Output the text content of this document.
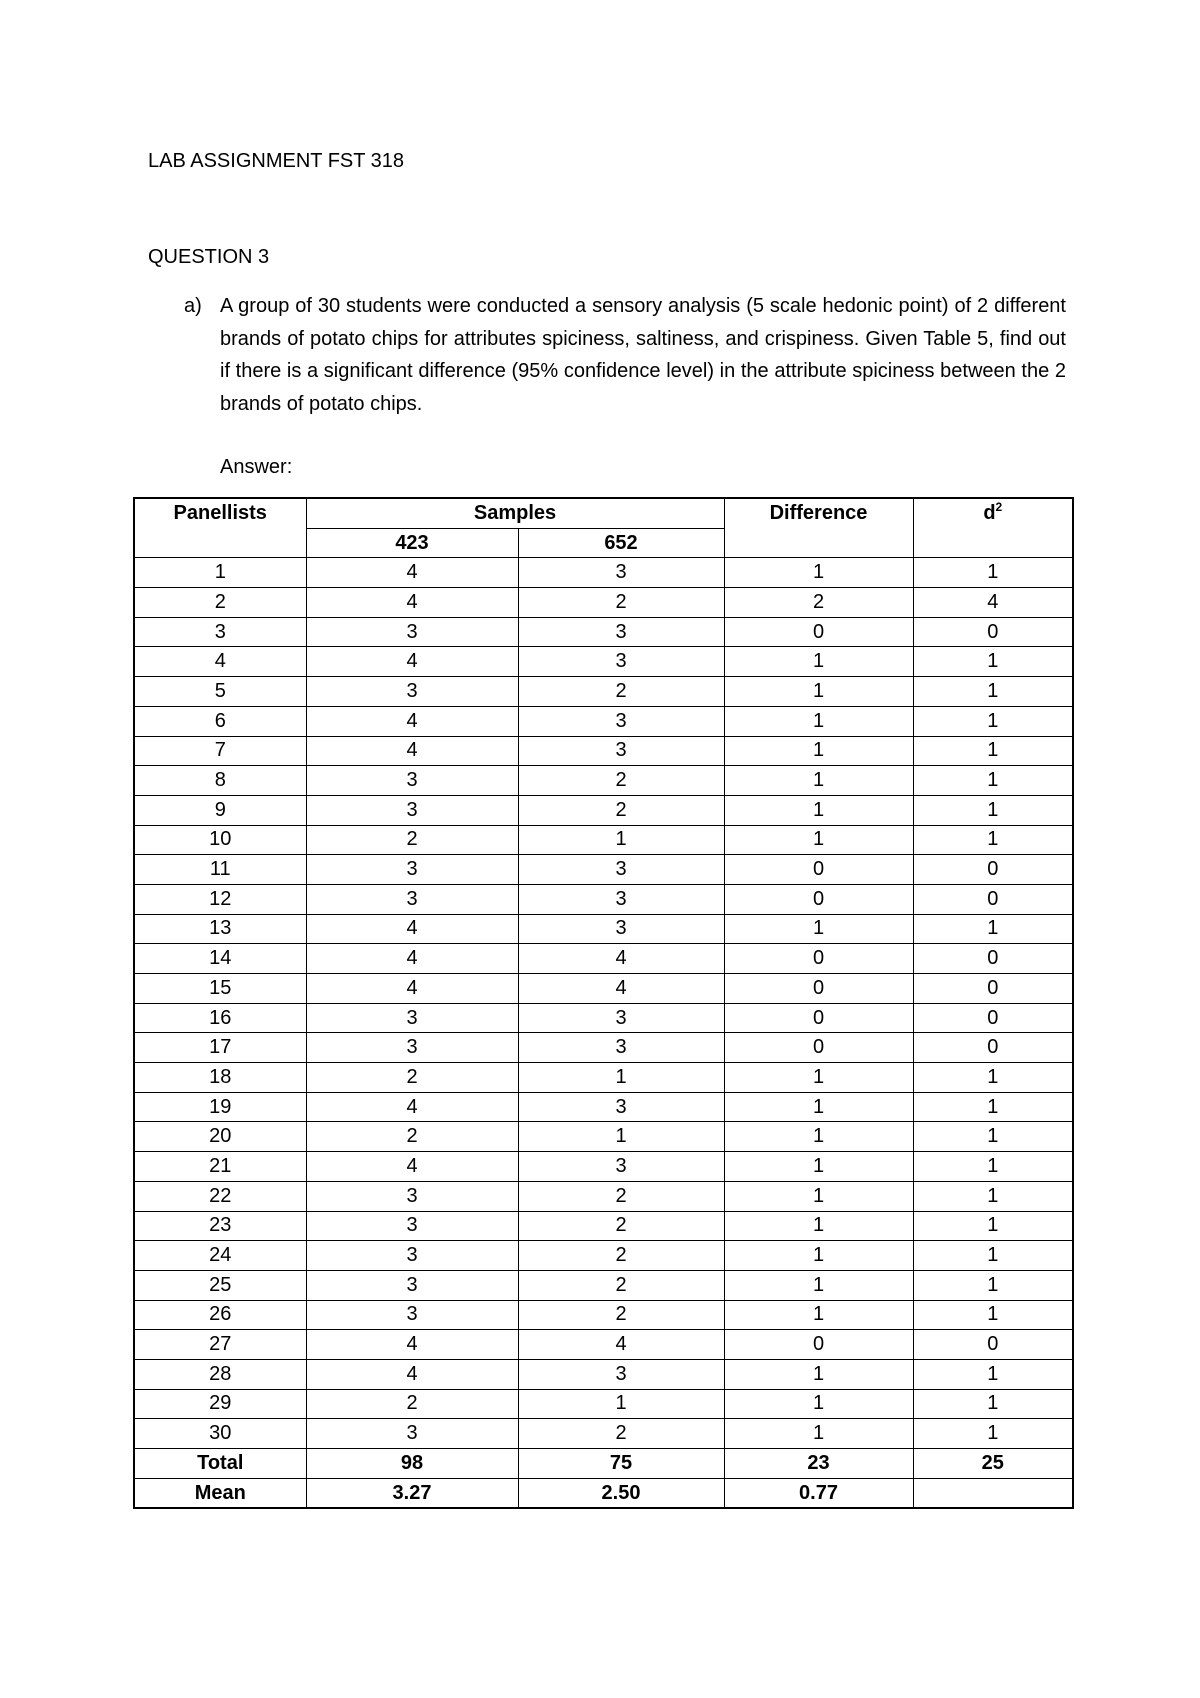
LAB ASSIGNMENT FST 318
QUESTION 3
a) A group of 30 students were conducted a sensory analysis (5 scale hedonic point) of 2 different brands of potato chips for attributes spiciness, saltiness, and crispiness. Given Table 5, find out if there is a significant difference (95% confidence level) in the attribute spiciness between the 2 brands of potato chips.
Answer:
Panellists	Samples		Difference	$d^2$
	423	652		
1	4	3	1	1
2	4	2	2	4
3	3	3	0	0
4	4	3	1	1
5	3	2	1	1
6	4	3	1	1
7	4	3	1	1
8	3	2	1	1
9	3	2	1	1
10	2	1	1	1
11	3	3	0	0
12	3	3	0	0
13	4	3	1	1
14	4	4	0	0
15	4	4	0	0
16	3	3	0	0
17	3	3	0	0
18	2	1	1	1
19	4	3	1	1
20	2	1	1	1
21	4	3	1	1
22	3	2	1	1
23	3	2	1	1
24	3	2	1	1
25	3	2	1	1
26	3	2	1	1
27	4	4	0	0
28	4	3	1	1
29	2	1	1	1
30	3	2	1	1
Total	98	75	23	25
Mean	3.27	2.50	0.77	
